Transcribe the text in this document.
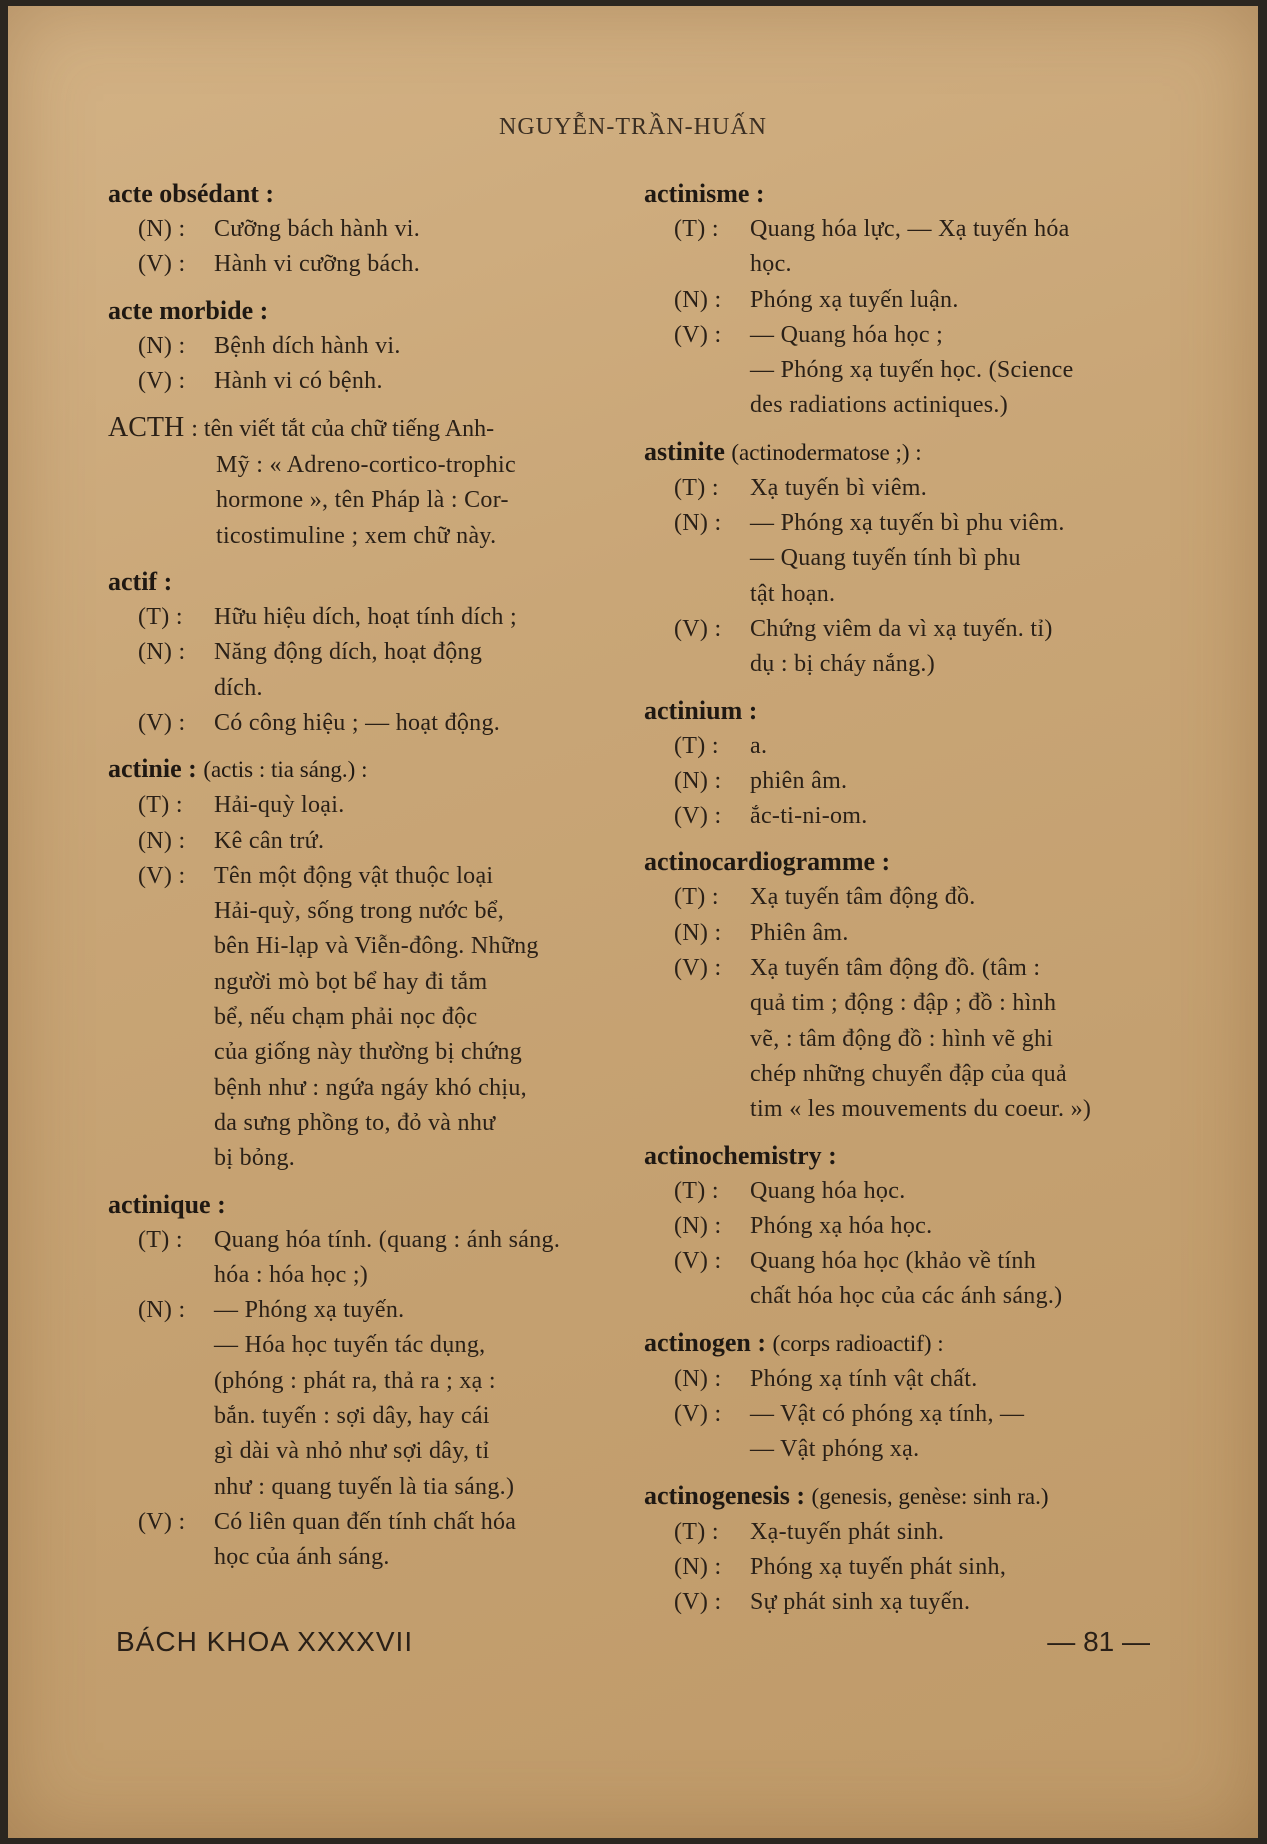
NGUYỄN-TRẦN-HUẤN
acte obsédant :
(N) :	Cưỡng bách hành vi.
(V) :	Hành vi cưỡng bách.
acte morbide :
(N) :	Bệnh dích hành vi.
(V) :	Hành vi có bệnh.
ACTH : tên viết tắt của chữ tiếng Anh-
Mỹ : « Adreno-cortico-trophic
hormone », tên Pháp là : Cor-
ticostimuline ; xem chữ này.
actif :
(T) :	Hữu hiệu dích, hoạt tính dích ;
(N) :	Năng động dích, hoạt động
dích.
(V) :	Có công hiệu ; — hoạt động.
actinie : (actis : tia sáng.) :
(T) :	Hải-quỳ loại.
(N) :	Kê cân trứ.
(V) :	Tên một động vật thuộc loại
Hải-quỳ, sống trong nước bể,
bên Hi-lạp và Viễn-đông. Những
người mò bọt bể hay đi tắm
bể, nếu chạm phải nọc độc
của giống này thường bị chứng
bệnh như : ngứa ngáy khó chịu,
da sưng phồng to, đỏ và như
bị bỏng.
actinique :
(T) :	Quang hóa tính. (quang : ánh sáng.
hóa : hóa học ;)
(N) :	— Phóng xạ tuyến.
— Hóa học tuyến tác dụng,
(phóng : phát ra, thả ra ; xạ :
bắn. tuyến : sợi dây, hay cái
gì dài và nhỏ như sợi dây, tỉ
như : quang tuyến là tia sáng.)
(V) :	Có liên quan đến tính chất hóa
học của ánh sáng.
actinisme :
(T) :	Quang hóa lực, — Xạ tuyến hóa
học.
(N) :	Phóng xạ tuyến luận.
(V) :	— Quang hóa học ;
— Phóng xạ tuyến học. (Science
des radiations actiniques.)
astinite (actinodermatose ;) :
(T) :	Xạ tuyến bì viêm.
(N) :	— Phóng xạ tuyến bì phu viêm.
— Quang tuyến tính bì phu
tật hoạn.
(V) :	Chứng viêm da vì xạ tuyến. tỉ)
dụ : bị cháy nắng.)
actinium :
(T) :	a.
(N) :	phiên âm.
(V) :	ắc-ti-ni-om.
actinocardiogramme :
(T) :	Xạ tuyến tâm động đồ.
(N) :	Phiên âm.
(V) :	Xạ tuyến tâm động đồ. (tâm :
quả tim ; động : đập ; đồ : hình
vẽ, : tâm động đồ : hình vẽ ghi
chép những chuyển đập của quả
tim « les mouvements du coeur. »)
actinochemistry :
(T) :	Quang hóa học.
(N) :	Phóng xạ hóa học.
(V) :	Quang hóa học (khảo về tính
chất hóa học của các ánh sáng.)
actinogen : (corps radioactif) :
(N) :	Phóng xạ tính vật chất.
(V) :	— Vật có phóng xạ tính, —
— Vật phóng xạ.
actinogenesis : (genesis, genèse: sinh ra.)
(T) :	Xạ-tuyến phát sinh.
(N) :	Phóng xạ tuyến phát sinh,
(V) :	Sự phát sinh xạ tuyến.
BÁCH KHOA XXXXVII	— 81 —
